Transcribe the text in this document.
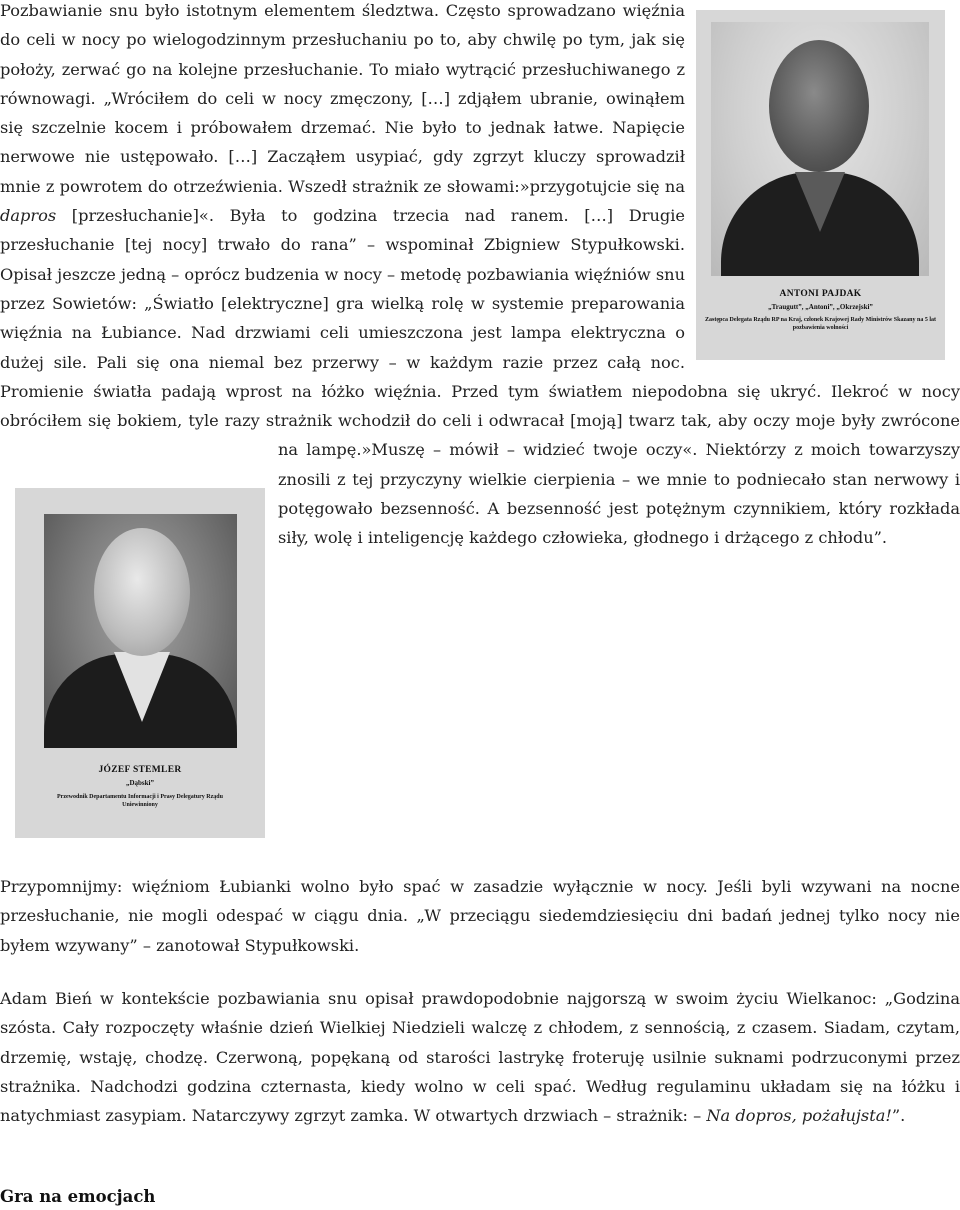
Pozbawianie snu było istotnym elementem śledztwa. Często sprowadzano więźnia do celi w nocy po wielogodzinnym przesłuchaniu po to, aby chwilę po tym, jak się położy, zerwać go na kolejne przesłuchanie. To miało wytrącić przesłuchiwanego z równowagi. „Wróciłem do celi w nocy zmęczony, […] zdjąłem ubranie, owinąłem się szczelnie kocem i próbowałem drzemać. Nie było to jednak łatwe. Napięcie nerwowe nie ustępowało. […] Zacząłem usypiać, gdy zgrzyt kluczy sprowadził mnie z powrotem do otrzeźwienia. Wszedł strażnik ze słowami:»przygotujcie się na dapros [przesłuchanie]«. Była to godzina trzecia nad ranem. […] Drugie przesłuchanie [tej nocy] trwało do rana” – wspominał Zbigniew Stypułkowski. Opisał jeszcze jedną – oprócz budzenia w nocy – metodę pozbawiania więźniów snu przez Sowietów: „Światło [elektryczne] gra wielką rolę w systemie preparowania więźnia na Łubiance. Nad drzwiami celi umieszczona jest lampa elektryczna o dużej sile. Pali się ona niemal bez przerwy – w każdym razie przez całą noc. Promienie światła padają wprost na łóżko więźnia. Przed tym światłem niepodobna się ukryć. Ilekroć w nocy obróciłem się bokiem, tyle razy strażnik wchodził do celi i odwracał [moją] twarz tak, aby oczy moje były zwrócone na lampę.»Muszę – mówił – widzieć twoje oczy«.
Niektórzy z moich towarzyszy znosili z tej przyczyny wielkie cierpienia – we mnie to podniecało stan nerwowy i potęgowało bezsenność. A bezsenność jest potężnym czynnikiem, który rozkłada siły, wolę i inteligencję każdego człowieka, głodnego i drżącego z chłodu”.

ANTONI PAJDAK
„Traugutt”, „Antoni”, „Okrzejski”
Zastępca Delegata Rządu RP na Kraj, członek Krajowej Rady Ministrów Skazany na 5 lat pozbawienia wolności
JÓZEF STEMLER
„Dąbski”
Przewodnik Departamentu Informacji i Prasy Delegatury Rządu Uniewinniony

Przypomnijmy: więźniom Łubianki wolno było spać w zasadzie wyłącznie w nocy. Jeśli byli wzywani na nocne przesłuchanie, nie mogli odespać w ciągu dnia. „W przeciągu siedemdziesięciu dni badań jednej tylko nocy nie byłem wzywany” – zanotował Stypułkowski.

Adam Bień w kontekście pozbawiania snu opisał prawdopodobnie najgorszą w swoim życiu Wielkanoc: „Godzina szósta. Cały rozpoczęty właśnie dzień Wielkiej Niedzieli walczę z chłodem, z sennością, z czasem. Siadam, czytam, drzemię, wstaję, chodzę. Czerwoną, popękaną od starości lastrykę froteruję usilnie suknami podrzuconymi przez strażnika. Nadchodzi godzina czternasta, kiedy wolno w celi spać. Według regulaminu układam się na łóżku i natychmiast zasypiam. Natarczywy zgrzyt zamka. W otwartych drzwiach – strażnik: – Na dopros, pożałujsta!”.

Gra na emocjach
